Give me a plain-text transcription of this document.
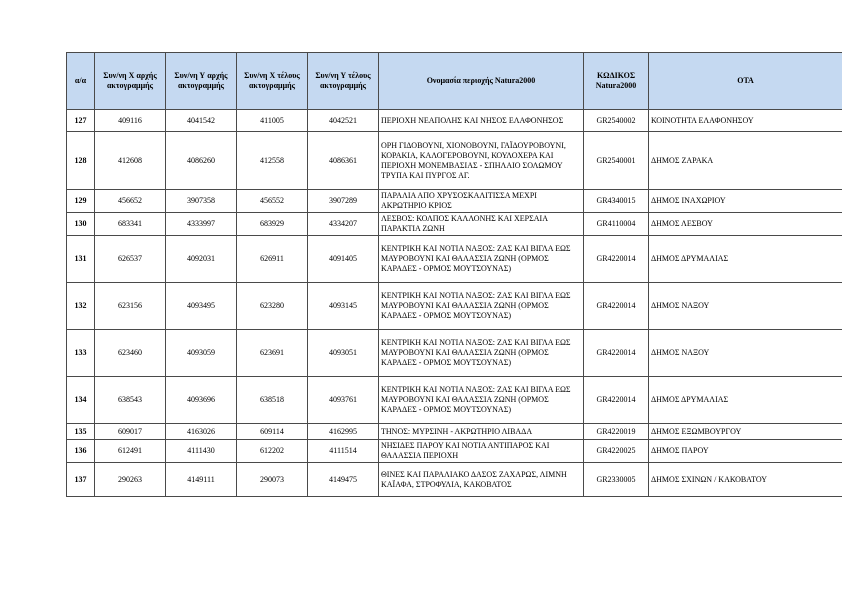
α/α	Συν/νη Χ αρχής ακτογραμμής	Συν/νη Υ αρχής ακτογραμμής	Συν/νη Χ τέλους ακτογραμμής	Συν/νη Υ τέλους ακτογραμμής	Ονομασία περιοχής Natura2000	ΚΩΔΙΚΟΣ Natura2000	ΟΤΑ
127	409116	4041542	411005	4042521	ΠΕΡΙΟΧΗ ΝΕΑΠΟΛΗΣ ΚΑΙ ΝΗΣΟΣ ΕΛΑΦΟΝΗΣΟΣ	GR2540002	ΚΟΙΝΟΤΗΤΑ ΕΛΑΦΟΝΗΣΟΥ
128	412608	4086260	412558	4086361	ΟΡΗ ΓΙΔΟΒΟΥΝΙ, ΧΙΟΝΟΒΟΥΝΙ, ΓΑΪΔΟΥΡΟΒΟΥΝΙ, ΚΟΡΑΚΙΑ, ΚΑΛΟΓΕΡΟΒΟΥΝΙ, ΚΟΥΛΟΧΕΡΑ ΚΑΙ ΠΕΡΙΟΧΗ ΜΟΝΕΜΒΑΣΙΑΣ - ΣΠΗΛΑΙΟ ΣΟΛΩΜΟΥ ΤΡΥΠΑ ΚΑΙ ΠΥΡΓΟΣ ΑΓ.	GR2540001	ΔΗΜΟΣ ΖΑΡΑΚΑ
129	456652	3907358	456552	3907289	ΠΑΡΑΛΙΑ ΑΠΟ ΧΡΥΣΟΣΚΑΛΙΤΙΣΣΑ ΜΕΧΡΙ ΑΚΡΩΤΗΡΙΟ ΚΡΙΟΣ	GR4340015	ΔΗΜΟΣ ΙΝΑΧΩΡΙΟΥ
130	683341	4333997	683929	4334207	ΛΕΣΒΟΣ: ΚΟΛΠΟΣ ΚΑΛΛΟΝΗΣ ΚΑΙ ΧΕΡΣΑΙΑ ΠΑΡΑΚΤΙΑ ΖΩΝΗ	GR4110004	ΔΗΜΟΣ ΛΕΣΒΟΥ
131	626537	4092031	626911	4091405	ΚΕΝΤΡΙΚΗ ΚΑΙ ΝΟΤΙΑ ΝΑΞΟΣ: ΖΑΣ ΚΑΙ ΒΙΓΛΑ ΕΩΣ ΜΑΥΡΟΒΟΥΝΙ ΚΑΙ ΘΑΛΑΣΣΙΑ ΖΩΝΗ (ΟΡΜΟΣ ΚΑΡΑΔΕΣ - ΟΡΜΟΣ ΜΟΥΤΣΟΥΝΑΣ)	GR4220014	ΔΗΜΟΣ ΔΡΥΜΑΛΙΑΣ
132	623156	4093495	623280	4093145	ΚΕΝΤΡΙΚΗ ΚΑΙ ΝΟΤΙΑ ΝΑΞΟΣ: ΖΑΣ ΚΑΙ ΒΙΓΛΑ ΕΩΣ ΜΑΥΡΟΒΟΥΝΙ ΚΑΙ ΘΑΛΑΣΣΙΑ ΖΩΝΗ (ΟΡΜΟΣ ΚΑΡΑΔΕΣ - ΟΡΜΟΣ ΜΟΥΤΣΟΥΝΑΣ)	GR4220014	ΔΗΜΟΣ ΝΑΞΟΥ
133	623460	4093059	623691	4093051	ΚΕΝΤΡΙΚΗ ΚΑΙ ΝΟΤΙΑ ΝΑΞΟΣ: ΖΑΣ ΚΑΙ ΒΙΓΛΑ ΕΩΣ ΜΑΥΡΟΒΟΥΝΙ ΚΑΙ ΘΑΛΑΣΣΙΑ ΖΩΝΗ (ΟΡΜΟΣ ΚΑΡΑΔΕΣ - ΟΡΜΟΣ ΜΟΥΤΣΟΥΝΑΣ)	GR4220014	ΔΗΜΟΣ ΝΑΞΟΥ
134	638543	4093696	638518	4093761	ΚΕΝΤΡΙΚΗ ΚΑΙ ΝΟΤΙΑ ΝΑΞΟΣ: ΖΑΣ ΚΑΙ ΒΙΓΛΑ ΕΩΣ ΜΑΥΡΟΒΟΥΝΙ ΚΑΙ ΘΑΛΑΣΣΙΑ ΖΩΝΗ (ΟΡΜΟΣ ΚΑΡΑΔΕΣ - ΟΡΜΟΣ ΜΟΥΤΣΟΥΝΑΣ)	GR4220014	ΔΗΜΟΣ ΔΡΥΜΑΛΙΑΣ
135	609017	4163026	609114	4162995	ΤΗΝΟΣ: ΜΥΡΣΙΝΗ - ΑΚΡΩΤΗΡΙΟ ΛΙΒΑΔΑ	GR4220019	ΔΗΜΟΣ ΕΞΩΜΒΟΥΡΓΟΥ
136	612491	4111430	612202	4111514	ΝΗΣΙΔΕΣ ΠΑΡΟΥ ΚΑΙ ΝΟΤΙΑ ΑΝΤΙΠΑΡΟΣ ΚΑΙ ΘΑΛΑΣΣΙΑ ΠΕΡΙΟΧΗ	GR4220025	ΔΗΜΟΣ ΠΑΡΟΥ
137	290263	4149111	290073	4149475	ΘΙΝΕΣ ΚΑΙ ΠΑΡΑΛΙΑΚΟ ΔΑΣΟΣ ΖΑΧΑΡΩΣ, ΛΙΜΝΗ ΚΑΪΑΦΑ, ΣΤΡΟΦΥΛΙΑ, ΚΑΚΟΒΑΤΟΣ	GR2330005	ΔΗΜΟΣ ΣΧΙΝΩΝ / ΚΑΚΟΒΑΤΟΥ
